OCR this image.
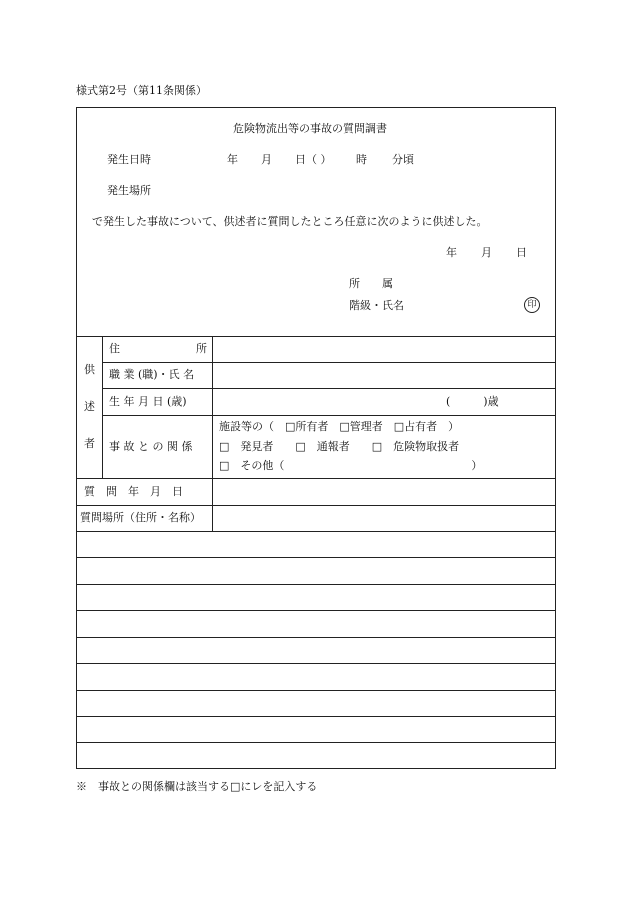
様式第2号（第11条関係）
危険物流出等の事故の質問調書
発生日時	年 月 日（ ） 時 分頃
発生場所
で発生した事故について、供述者に質問したところ任意に次のように供述した。
年 月 日
所　　属
階級・氏名	印
供
述
者
住	所
職 業 (職)・氏 名
生 年 月 日 (歳)	(　　　)歳
事 故 と の 関 係
施設等の（　□所有者　□管理者　□占有者　）
□　発見者　　□　通報者　　□　危険物取扱者
□　その他（　　　　　　　　　　　　　　　　　）
質　問　年　月　日
質問場所（住所・名称）
※　事故との関係欄は該当する□にレを記入する
